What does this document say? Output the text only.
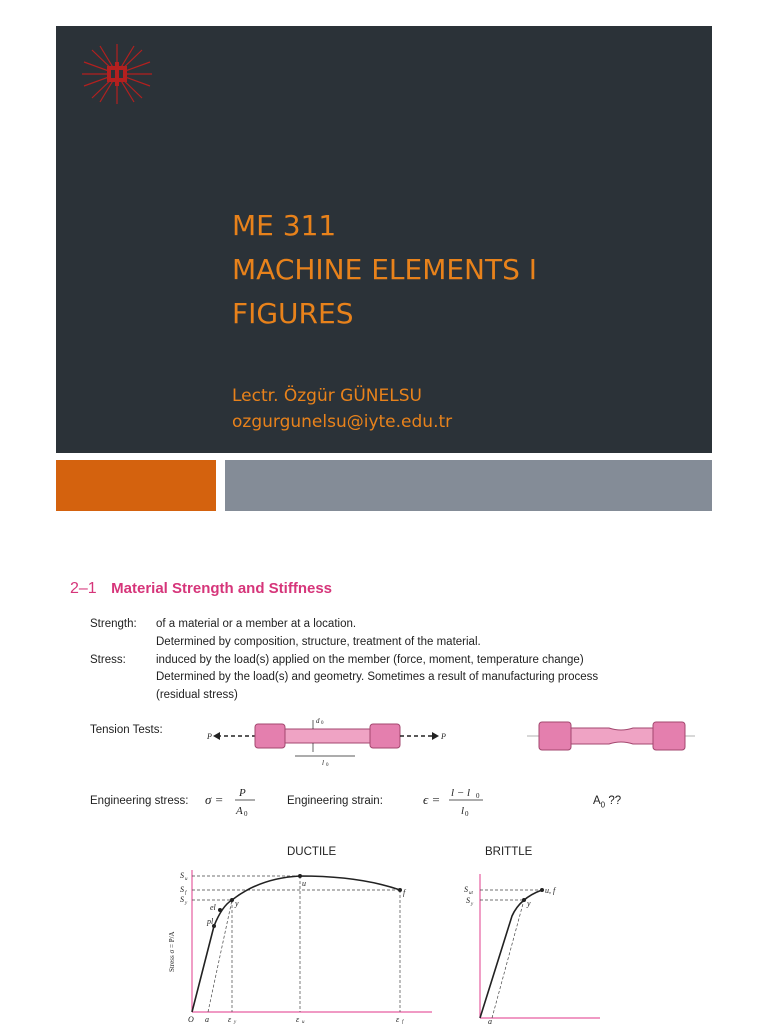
ME 311
MACHINE ELEMENTS I
FIGURES
Lectr. Özgür GÜNELSU
ozgurgunelsu@iyte.edu.tr
2–1 Material Strength and Stiffness
Strength: of a material or a member at a location.
Determined by composition, structure, treatment of the material.
Stress:	induced by the load(s) applied on the member (force, moment, temperature change)
Determined by the load(s) and geometry. Sometimes a result of manufacturing process
(residual stress)
Tension Tests:
P	P
d 0
l 0
Engineering stress: σ = P
A 0
Engineering strain:	ϵ = l − l 0
l 0
$A_0$ ??
DUCTILE	BRITTLE
pl
el y
u
f
S u
S f
S y
O a ε y	ε u	ε f
Stress σ = P/A
u, f
y
S ut
S y
a
